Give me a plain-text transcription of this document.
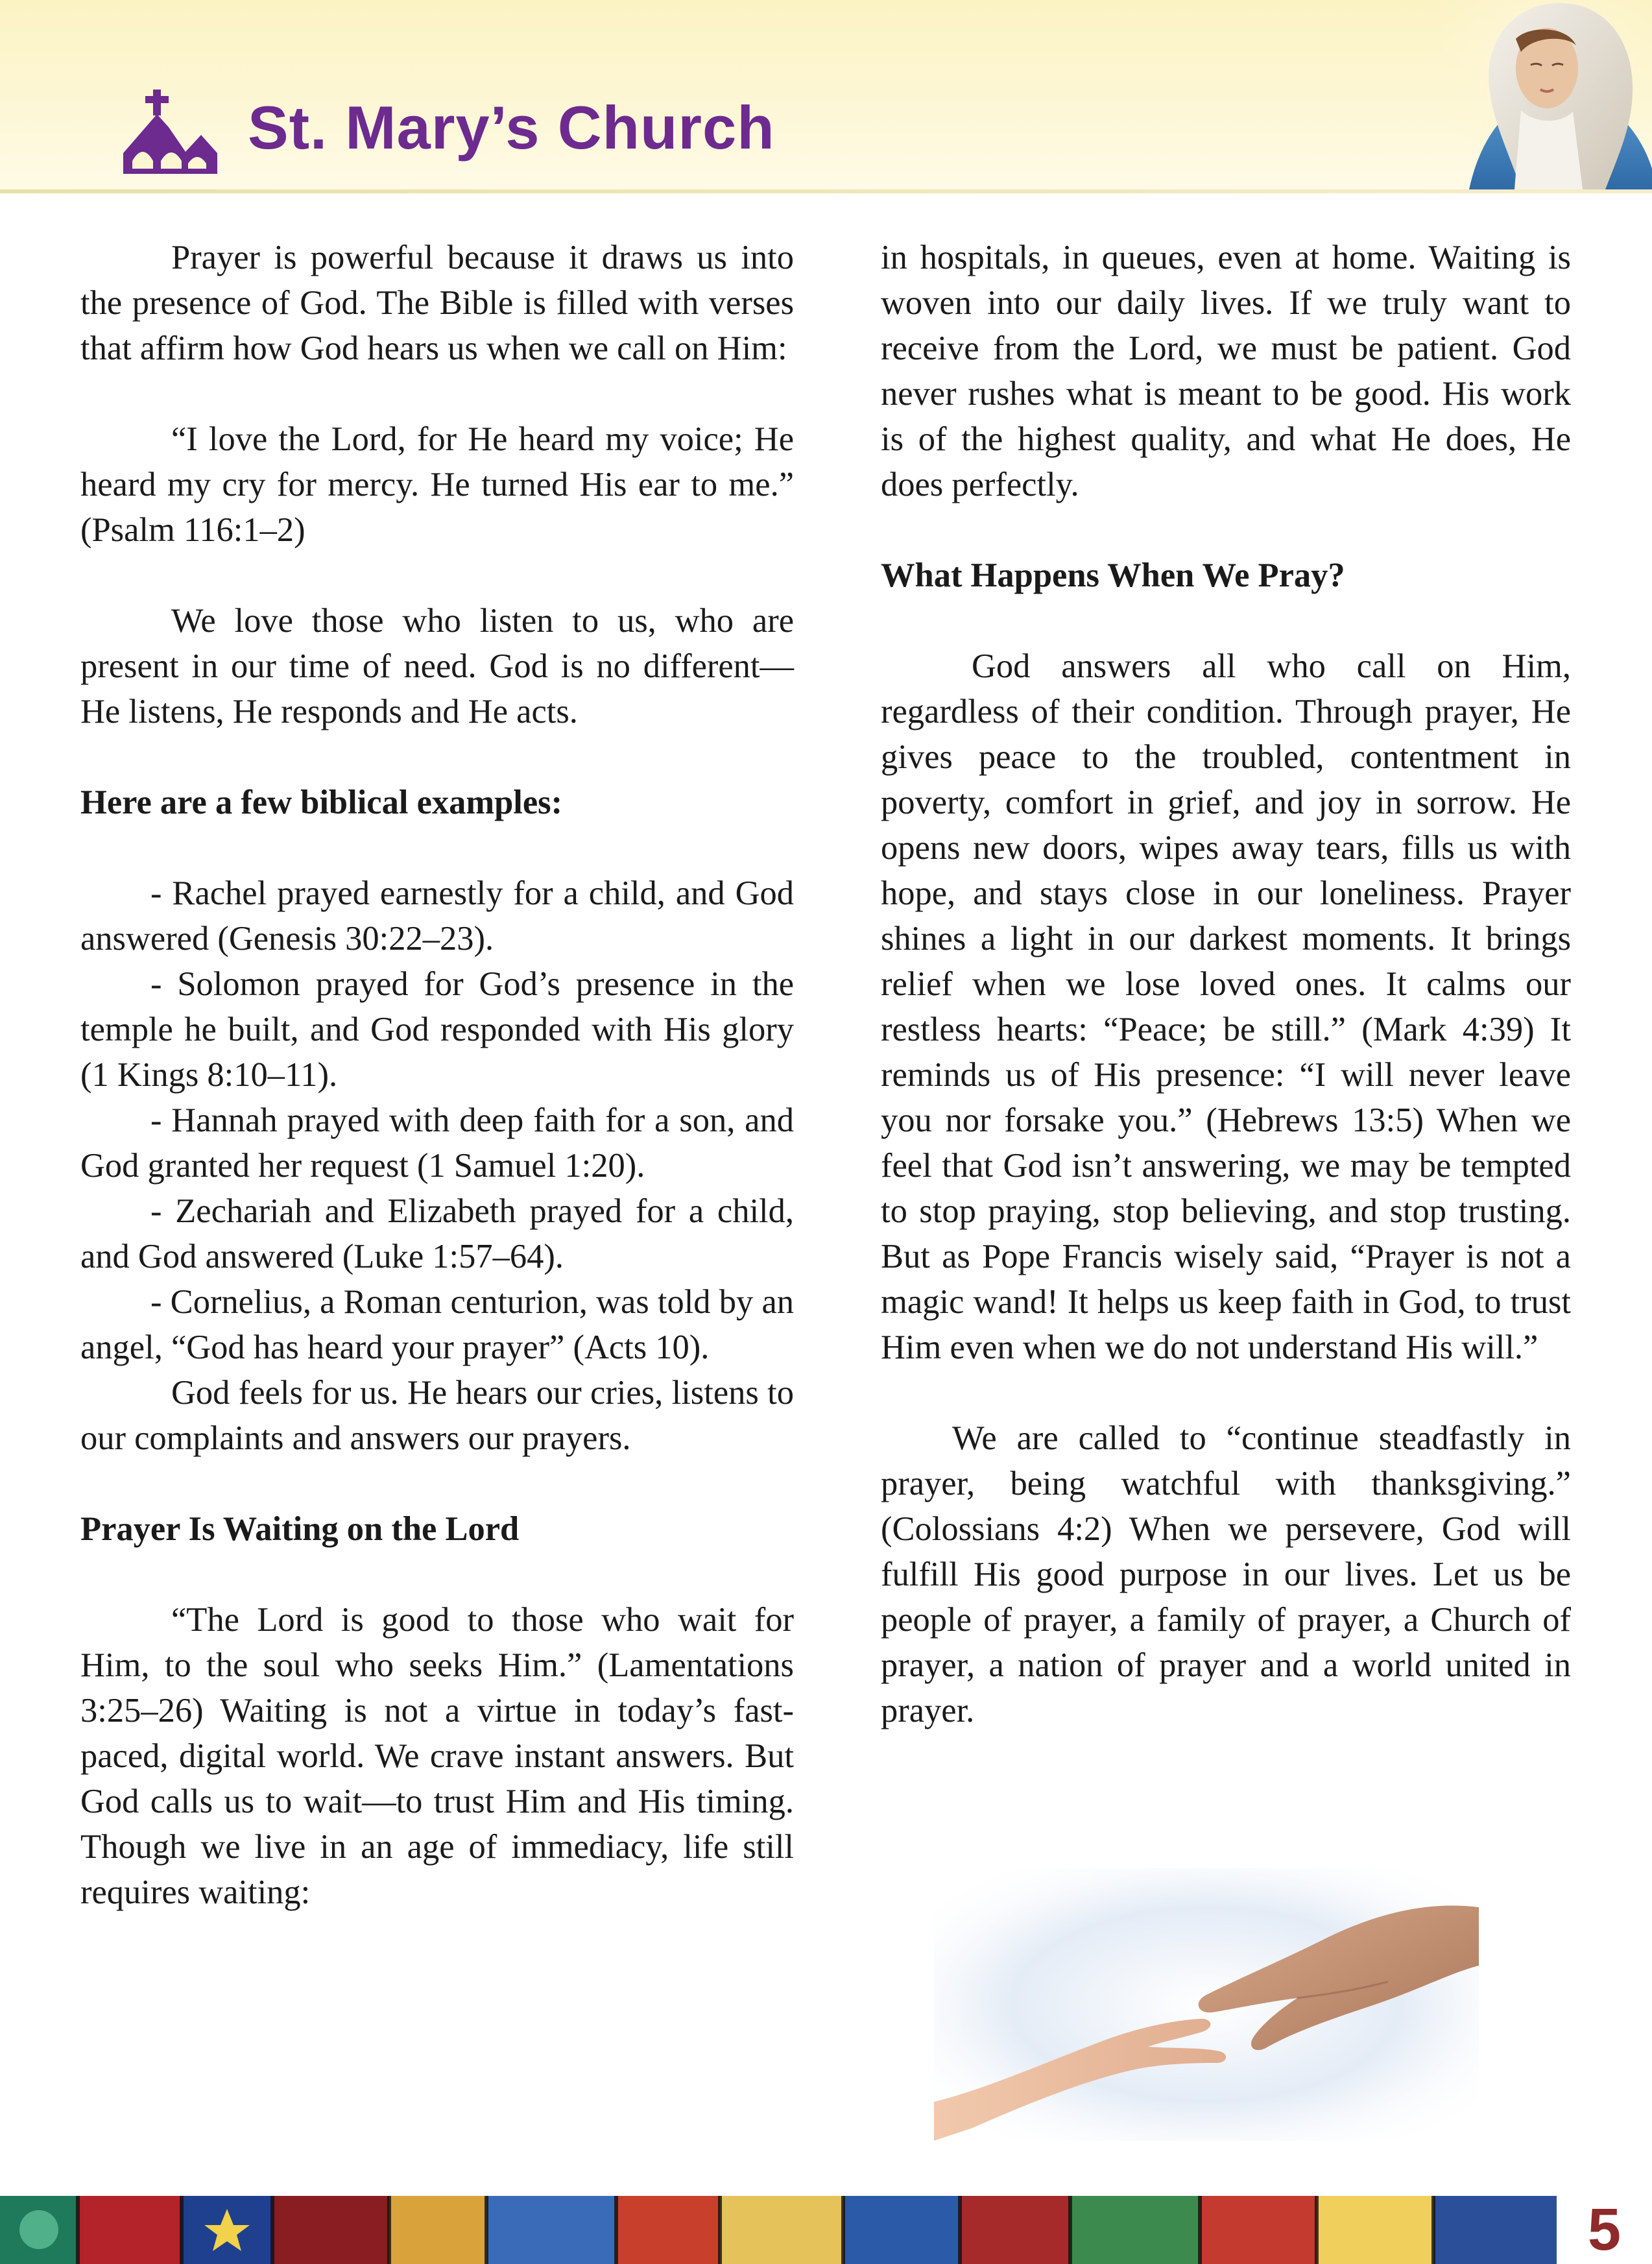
St. Mary’s Church

Prayer is powerful because it draws us into the presence of God. The Bible is filled with verses that affirm how God hears us when we call on Him:

“I love the Lord, for He heard my voice; He heard my cry for mercy. He turned His ear to me.” (Psalm 116:1–2)

We love those who listen to us, who are present in our time of need. God is no different—He listens, He responds and He acts.

Here are a few biblical examples:

- Rachel prayed earnestly for a child, and God answered (Genesis 30:22–23).

- Solomon prayed for God’s presence in the temple he built, and God responded with His glory (1 Kings 8:10–11).

- Hannah prayed with deep faith for a son, and God granted her request (1 Samuel 1:20).

- Zechariah and Elizabeth prayed for a child, and God answered (Luke 1:57–64).

- Cornelius, a Roman centurion, was told by an angel, “God has heard your prayer” (Acts 10).

God feels for us. He hears our cries, listens to our complaints and answers our prayers.

Prayer Is Waiting on the Lord

“The Lord is good to those who wait for Him, to the soul who seeks Him.” (Lamentations 3:25–26) Waiting is not a virtue in today’s fast-paced, digital world. We crave instant answers. But God calls us to wait—to trust Him and His timing. Though we live in an age of immediacy, life still requires waiting:

in hospitals, in queues, even at home. Waiting is woven into our daily lives. If we truly want to receive from the Lord, we must be patient. God never rushes what is meant to be good. His work is of the highest quality, and what He does, He does perfectly.

What Happens When We Pray?

God answers all who call on Him, regardless of their condition. Through prayer, He gives peace to the troubled, contentment in poverty, comfort in grief, and joy in sorrow. He opens new doors, wipes away tears, fills us with hope, and stays close in our loneliness. Prayer shines a light in our darkest moments. It brings relief when we lose loved ones. It calms our restless hearts: “Peace; be still.” (Mark 4:39) It reminds us of His presence: “I will never leave you nor forsake you.” (Hebrews 13:5) When we feel that God isn’t answering, we may be tempted to stop praying, stop believing, and stop trusting. But as Pope Francis wisely said, “Prayer is not a magic wand! It helps us keep faith in God, to trust Him even when we do not understand His will.”

We are called to “continue steadfastly in prayer, being watchful with thanksgiving.” (Colossians 4:2) When we persevere, God will fulfill His good purpose in our lives. Let us be people of prayer, a family of prayer, a Church of prayer, a nation of prayer and a world united in prayer.

5
